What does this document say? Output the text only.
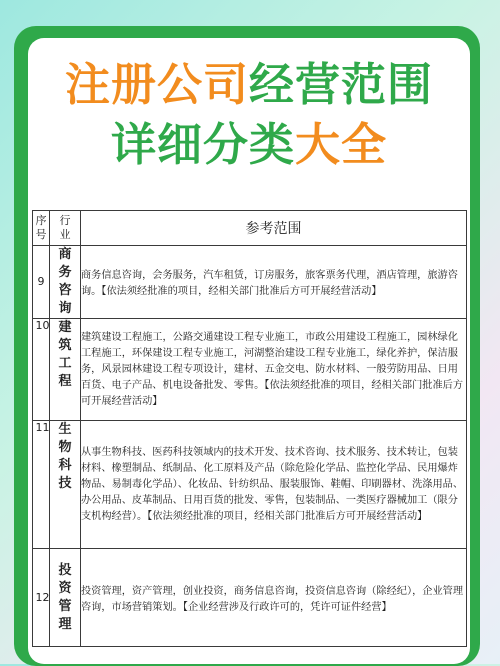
注册公司经营范围
详细分类大全
序号	行业	参考范围
9	商务咨询	商务信息咨询，会务服务，汽车租赁，订房服务，旅客票务代理，酒店管理，旅游咨询。【依法须经批准的项目，经相关部门批准后方可开展经营活动】
10	建筑工程	建筑建设工程施工，公路交通建设工程专业施工，市政公用建设工程施工，园林绿化工程施工，环保建设工程专业施工，河湖整治建设工程专业施工，绿化养护，保洁服务，风景园林建设工程专项设计，建材、五金交电、防水材料、一般劳防用品、日用百货、电子产品、机电设备批发、零售。【依法须经批准的项目，经相关部门批准后方可开展经营活动】
11	生物科技	从事生物科技、医药科技领域内的技术开发、技术咨询、技术服务、技术转让，包装材料、橡塑制品、纸制品、化工原料及产品（除危险化学品、监控化学品、民用爆炸物品、易制毒化学品）、化妆品、针纺织品、服装服饰、鞋帽、印刷器材、洗涤用品、办公用品、皮革制品、日用百货的批发、零售，包装制品、一类医疗器械加工（限分支机构经营）。【依法须经批准的项目，经相关部门批准后方可开展经营活动】
12	投资管理	投资管理，资产管理，创业投资，商务信息咨询，投资信息咨询（除经纪），企业管理咨询，市场营销策划。【企业经营涉及行政许可的，凭许可证件经营】
